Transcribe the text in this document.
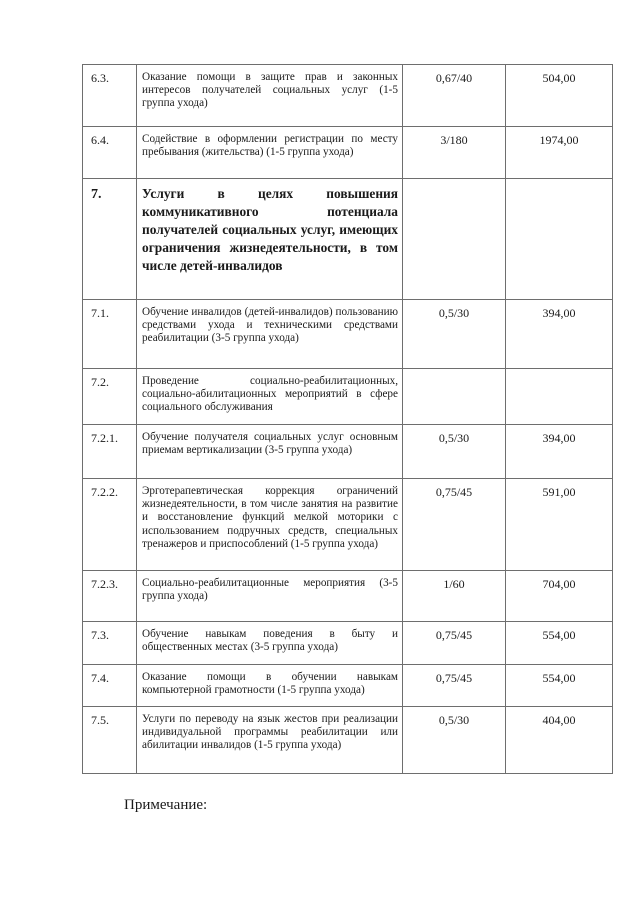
6.3.	Оказание помощи в защите прав и законных интересов получателей социальных услуг (1-5 группа ухода)	0,67/40	504,00
6.4.	Содействие в оформлении регистрации по месту пребывания (жительства) (1-5 группа ухода)	3/180	1974,00
7.	Услуги в целях повышения коммуникативного потенциала получателей социальных услуг, имеющих ограничения жизнедеятельности, в том числе детей-инвалидов		
7.1.	Обучение инвалидов (детей-инвалидов) пользованию средствами ухода и техническими средствами реабилитации (3-5 группа ухода)	0,5/30	394,00
7.2.	Проведение социально-реабилитационных, социально-абилитационных мероприятий в сфере социального обслуживания		
7.2.1.	Обучение получателя социальных услуг основным приемам вертикализации (3-5 группа ухода)	0,5/30	394,00
7.2.2.	Эрготерапевтическая коррекция ограничений жизнедеятельности, в том числе занятия на развитие и восстановление функций мелкой моторики с использованием подручных средств, специальных тренажеров и приспособлений (1-5 группа ухода)	0,75/45	591,00
7.2.3.	Социально-реабилитационные мероприятия (3-5 группа ухода)	1/60	704,00
7.3.	Обучение навыкам поведения в быту и общественных местах (3-5 группа ухода)	0,75/45	554,00
7.4.	Оказание помощи в обучении навыкам компьютерной грамотности (1-5 группа ухода)	0,75/45	554,00
7.5.	Услуги по переводу на язык жестов при реализации индивидуальной программы реабилитации или абилитации инвалидов (1-5 группа ухода)	0,5/30	404,00

Примечание:
